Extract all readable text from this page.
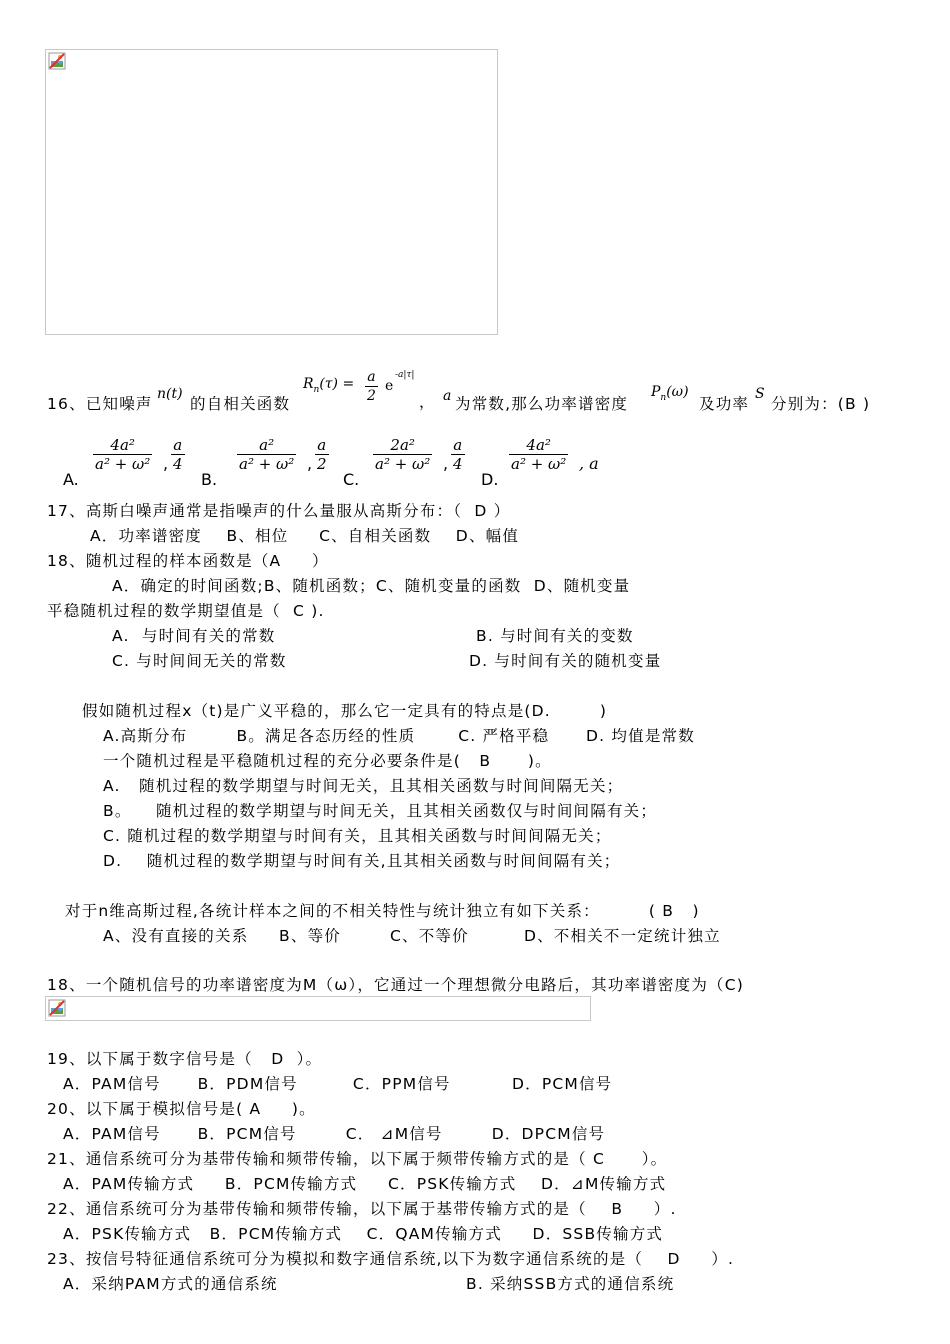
16、已知噪声
n(t)
的自相关函数
$R_n(\tau) = \frac{a}{2}$ e
-a|τ|
， a 为常数,那么功率谱密度
$P_n(\omega)$
及功率
S
分别为：(B )
A.
$\frac{\text{4a²}}{\text{a² + ω²}}$ , $\frac{a}{4}$
B.
$\frac{\text{a²}}{\text{a² + ω²}}$ , $\frac{a}{2}$
C.
$\frac{\text{2a²}}{\text{a² + ω²}}$ , $\frac{a}{4}$
D.
$\frac{\text{4a²}}{\text{a² + ω²}}$ , a
17、高斯白噪声通常是指噪声的什么量服从高斯分布：（  D ）
A．功率谱密度    B、相位     C、自相关函数    D、幅值
18、随机过程的样本函数是（A     ）
A．确定的时间函数;B、随机函数；C、随机变量的函数  D、随机变量
平稳随机过程的数学期望值是（  C ).
A.  与时间有关的常数	B. 与时间有关的变数
C. 与时间间无关的常数	D. 与时间有关的随机变量
假如随机过程x（t)是广义平稳的，那么它一定具有的特点是(D.        )
A.高斯分布        B。满足各态历经的性质       C. 严格平稳      D. 均值是常数
一个随机过程是平稳随机过程的充分必要条件是(   B      )。
A.   随机过程的数学期望与时间无关，且其相关函数与时间间隔无关；
B。    随机过程的数学期望与时间无关，且其相关函数仅与时间间隔有关；
C. 随机过程的数学期望与时间有关，且其相关函数与时间间隔无关；
D.    随机过程的数学期望与时间有关,且其相关函数与时间间隔有关；
对于n维高斯过程,各统计样本之间的不相关特性与统计独立有如下关系：        ( B   )
A、没有直接的关系     B、等价        C、不等价         D、不相关不一定统计独立
18、一个随机信号的功率谱密度为M（ω），它通过一个理想微分电路后，其功率谱密度为（C)
19、以下属于数字信号是（   D  ）。
A．PAM信号      B．PDM信号         C．PPM信号          D．PCM信号
20、以下属于模拟信号是( A     )。
A．PAM信号      B．PCM信号        C． ⊿M信号        D．DPCM信号
21、通信系统可分为基带传输和频带传输，以下属于频带传输方式的是（ C      ）。
A．PAM传输方式     B．PCM传输方式     C．PSK传输方式    D．⊿M传输方式
22、通信系统可分为基带传输和频带传输，以下属于基带传输方式的是（    B     ）.
A．PSK传输方式   B．PCM传输方式    C．QAM传输方式     D．SSB传输方式
23、按信号特征通信系统可分为模拟和数字通信系统,以下为数字通信系统的是（    D     ）.
A．采纳PAM方式的通信系统	B. 采纳SSB方式的通信系统
